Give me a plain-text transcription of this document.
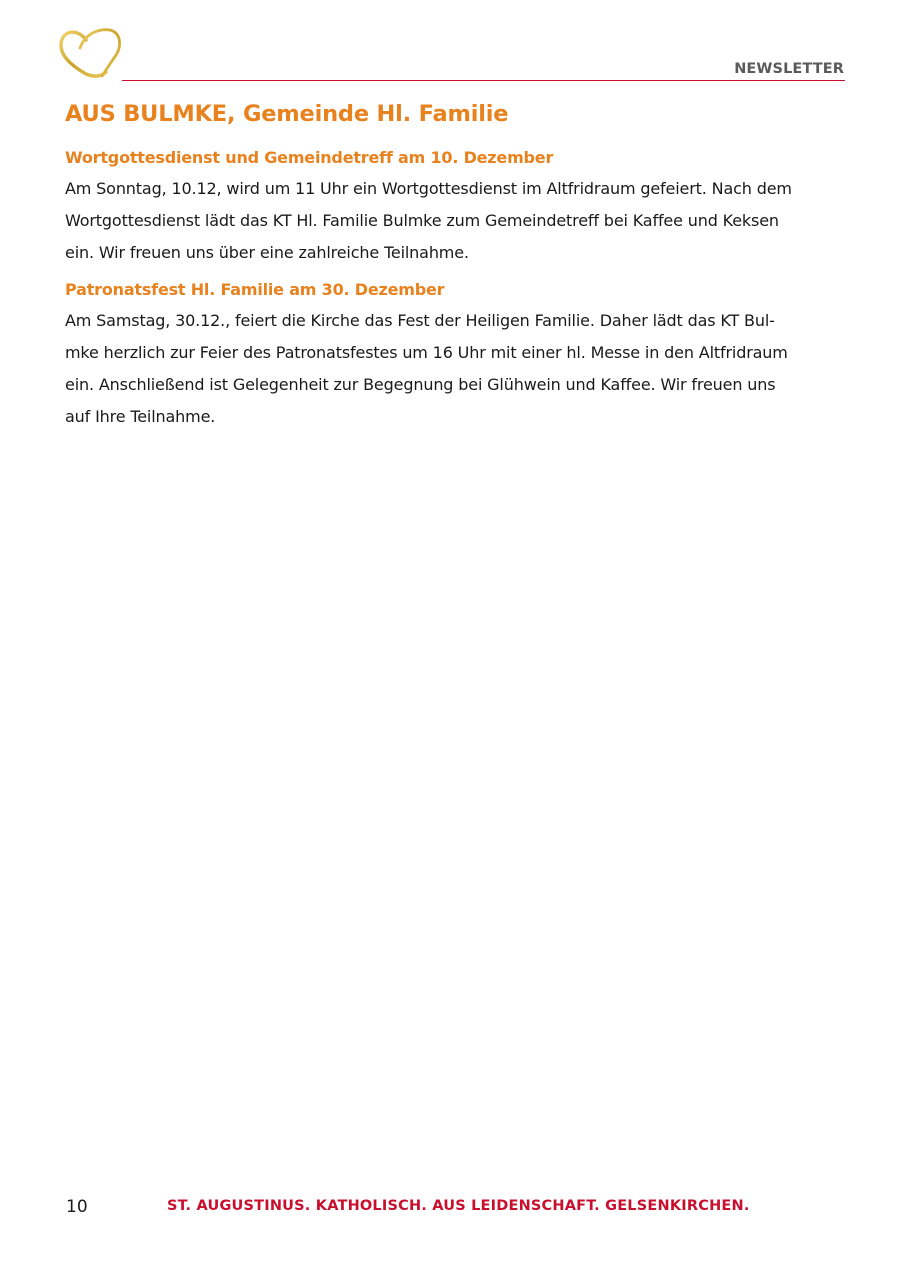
NEWSLETTER
AUS BULMKE, Gemeinde Hl. Familie

Wortgottesdienst und Gemeindetreff am 10. Dezember

Am Sonntag, 10.12, wird um 11 Uhr ein Wortgottesdienst im Altfridraum gefeiert. Nach dem
Wortgottesdienst lädt das KT Hl. Familie Bulmke zum Gemeindetreff bei Kaffee und Keksen
ein. Wir freuen uns über eine zahlreiche Teilnahme.

Patronatsfest Hl. Familie am 30. Dezember

Am Samstag, 30.12., feiert die Kirche das Fest der Heiligen Familie. Daher lädt das KT Bul-
mke herzlich zur Feier des Patronatsfestes um 16 Uhr mit einer hl. Messe in den Altfridraum
ein. Anschließend ist Gelegenheit zur Begegnung bei Glühwein und Kaffee. Wir freuen uns
auf Ihre Teilnahme.

10	ST. AUGUSTINUS. KATHOLISCH. AUS LEIDENSCHAFT. GELSENKIRCHEN.
